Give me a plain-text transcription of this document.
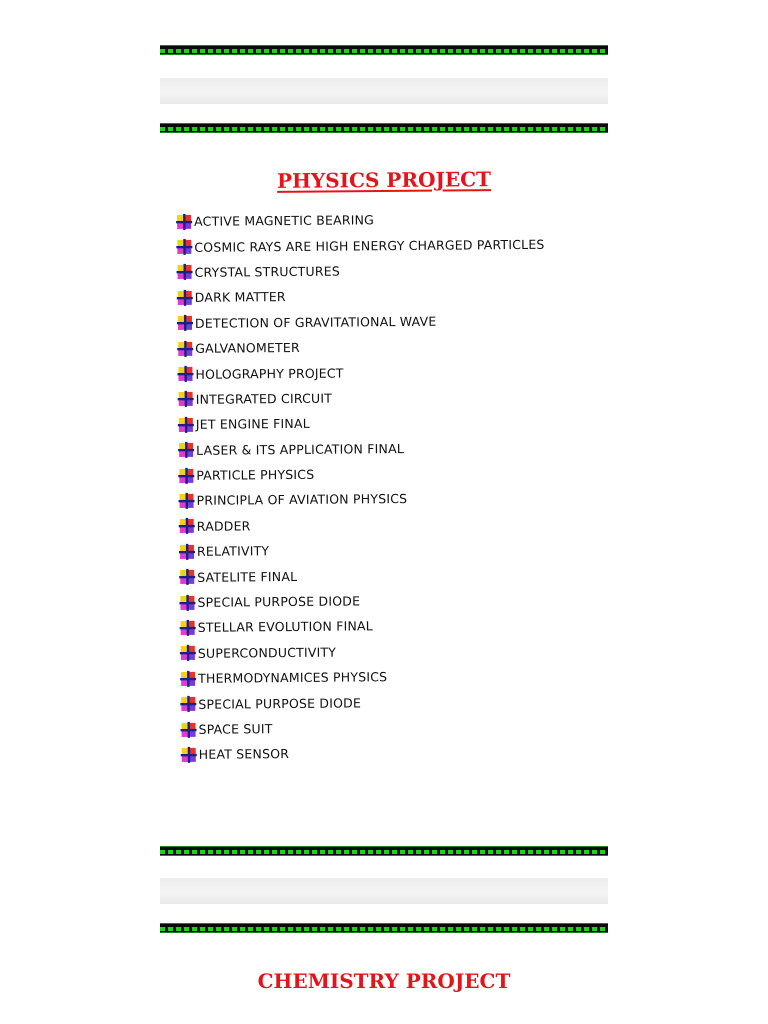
PHYSICS PROJECT
ACTIVE MAGNETIC BEARING
COSMIC RAYS ARE HIGH ENERGY CHARGED PARTICLES
CRYSTAL STRUCTURES
DARK MATTER
DETECTION OF GRAVITATIONAL WAVE
GALVANOMETER
HOLOGRAPHY PROJECT
INTEGRATED CIRCUIT
JET ENGINE FINAL
LASER & ITS APPLICATION FINAL
PARTICLE PHYSICS
PRINCIPLA OF AVIATION PHYSICS
RADDER
RELATIVITY
SATELITE FINAL
SPECIAL PURPOSE DIODE
STELLAR EVOLUTION FINAL
SUPERCONDUCTIVITY
THERMODYNAMICES PHYSICS
SPECIAL PURPOSE DIODE
SPACE SUIT
HEAT SENSOR
CHEMISTRY PROJECT
